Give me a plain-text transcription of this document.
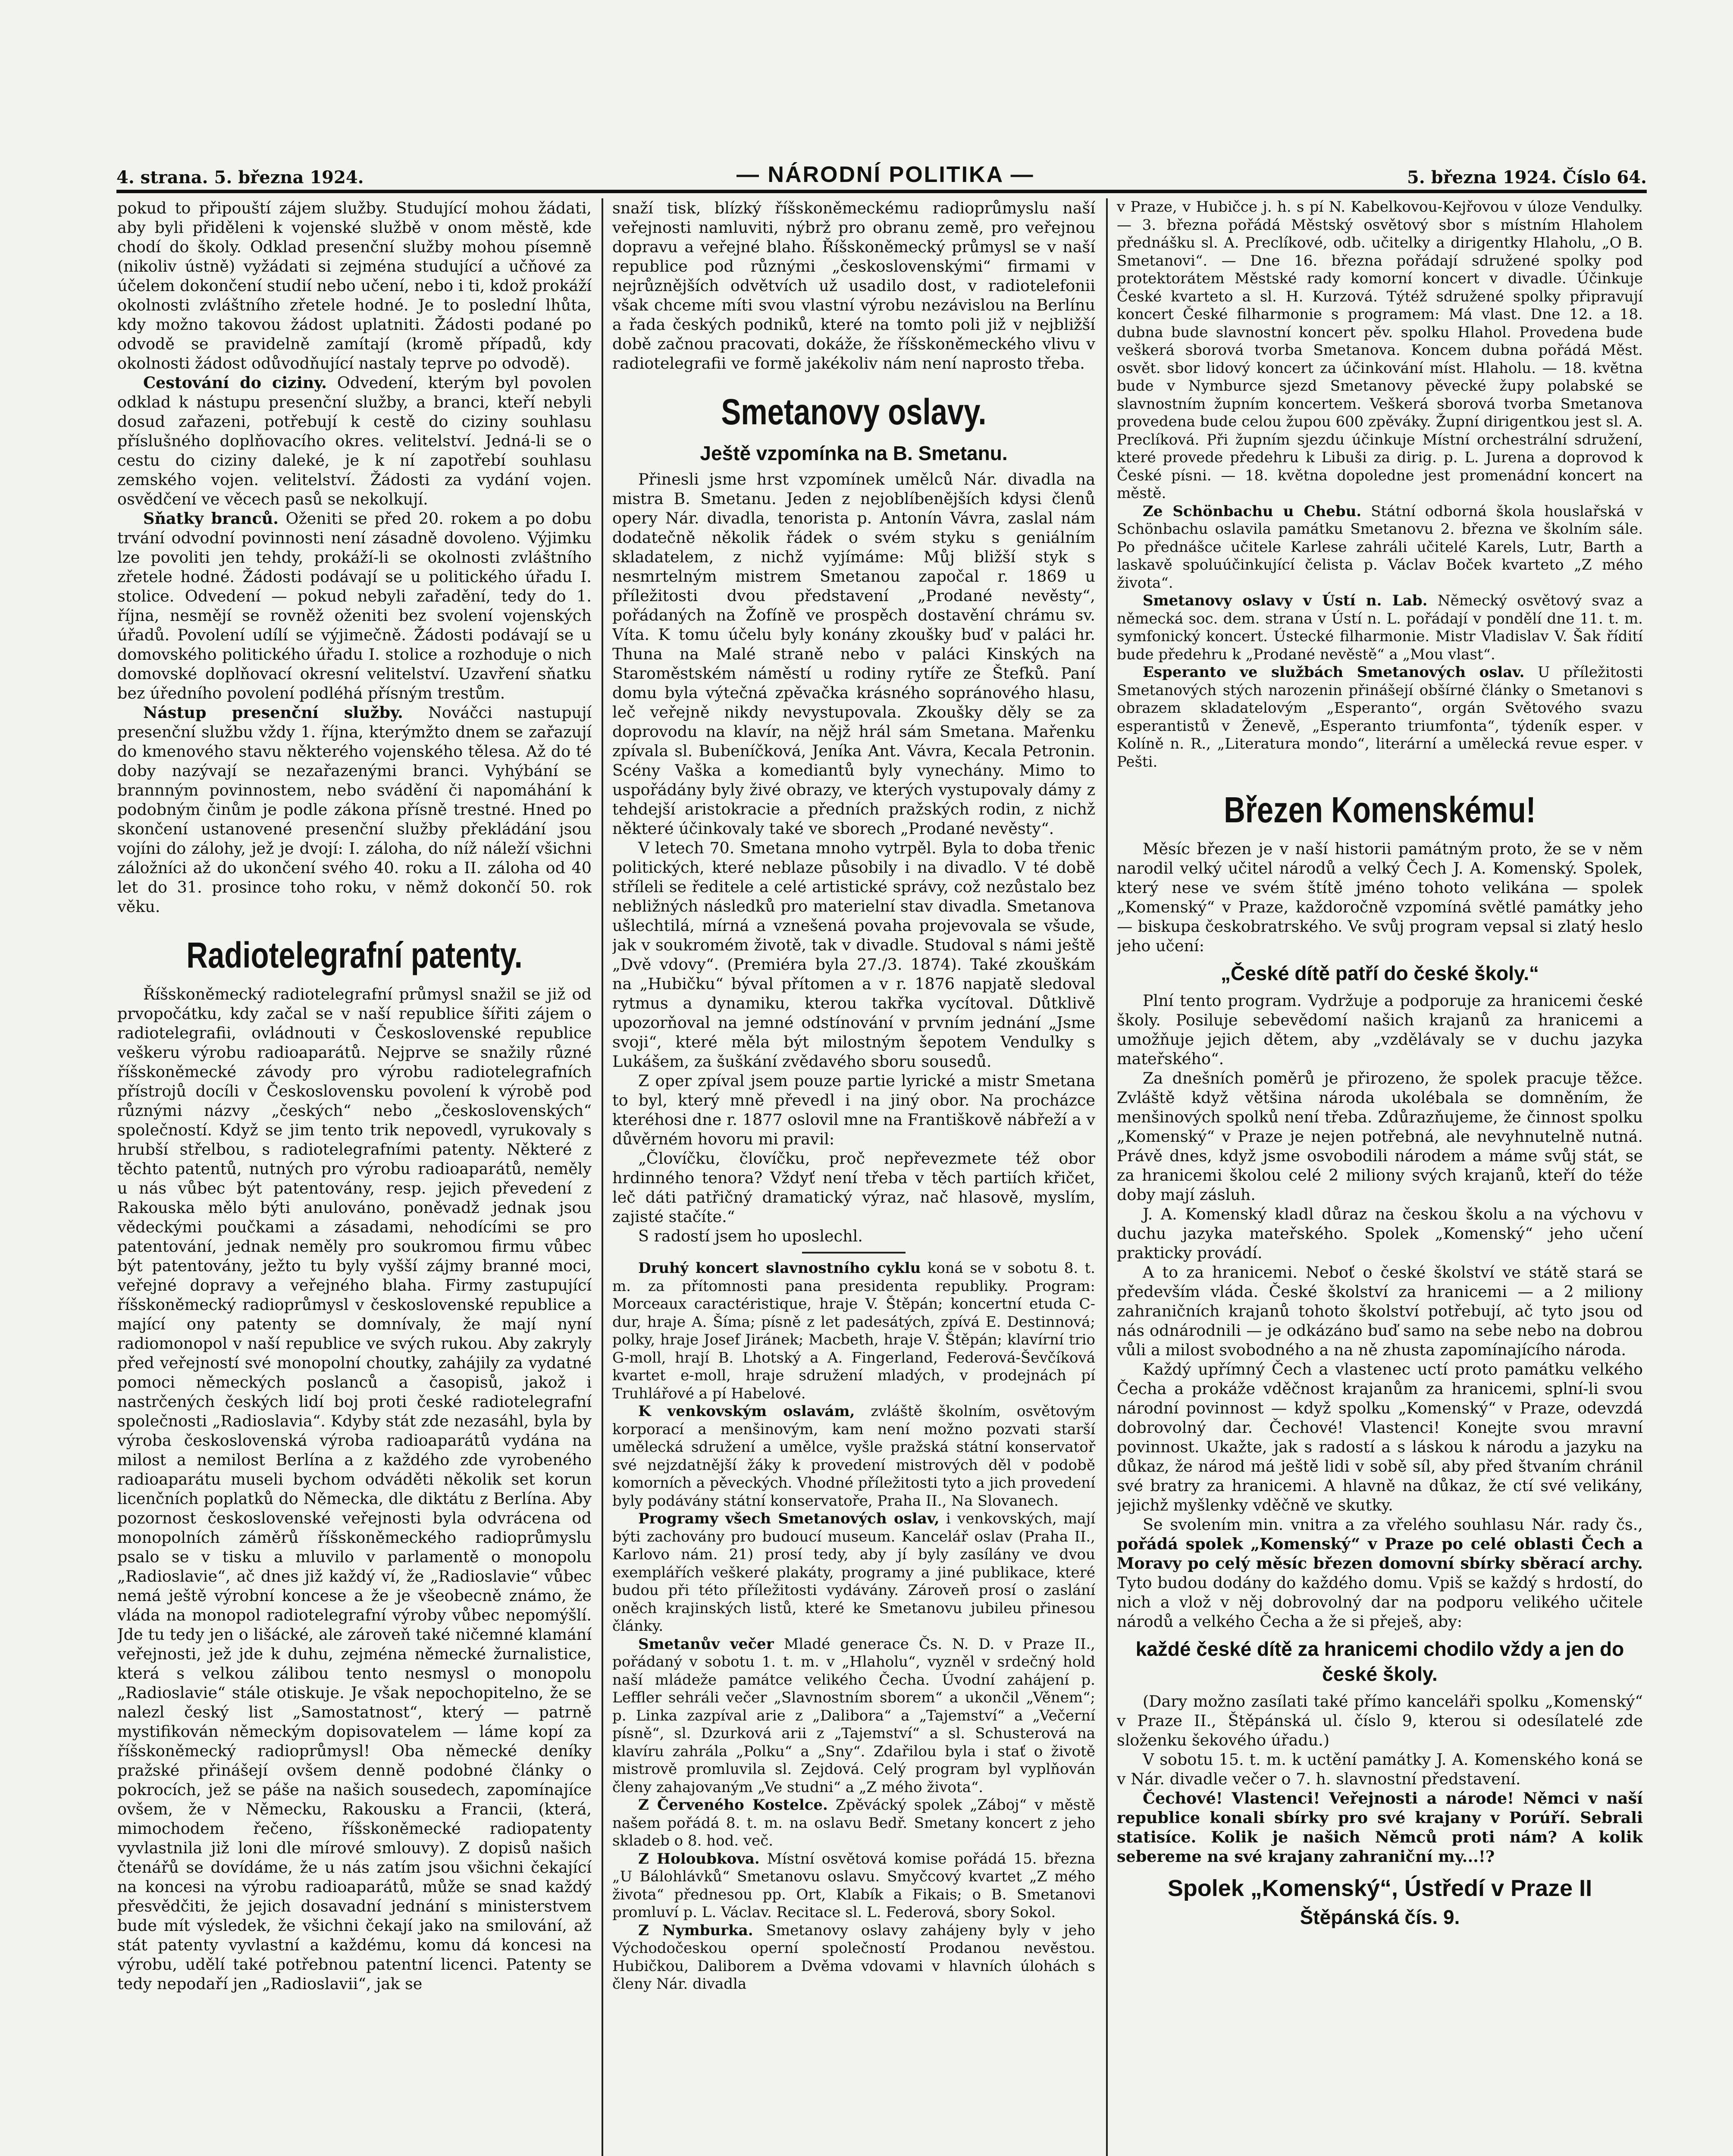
4. strana. 5. března 1924.	— NÁRODNÍ POLITIKA —	5. března 1924. Číslo 64.

pokud to připouští zájem služby. Studující mohou žádati, aby byli přiděleni k vojenské službě v onom městě, kde chodí do školy. Odklad presenční služby mohou písemně (nikoliv ústně) vyžádati si zejména studující a učňové za účelem dokončení studií nebo učení, nebo i ti, kdož prokáží okolnosti zvláštního zřetele hodné. Je to poslední lhůta, kdy možno takovou žádost uplatniti. Žádosti podané po odvodě se pravidelně zamítají (kromě případů, kdy okolnosti žádost odůvodňující nastaly teprve po odvodě).

Cestování do ciziny. Odvedení, kterým byl povolen odklad k nástupu presenční služby, a branci, kteří nebyli dosud zařazeni, potřebují k cestě do ciziny souhlasu příslušného doplňovacího okres. velitelství. Jedná-li se o cestu do ciziny daleké, je k ní zapotřebí souhlasu zemského vojen. velitelství. Žádosti za vydání vojen. osvědčení ve věcech pasů se nekolkují.

Sňatky branců. Oženiti se před 20. rokem a po dobu trvání odvodní povinnosti není zásadně dovoleno. Výjimku lze povoliti jen tehdy, prokáží-li se okolnosti zvláštního zřetele hodné. Žádosti podávají se u politického úřadu I. stolice. Odvedení — pokud nebyli zařadění, tedy do 1. října, nesmějí se rovněž oženiti bez svolení vojenských úřadů. Povolení udílí se výjimečně. Žádosti podávají se u domovského politického úřadu I. stolice a rozhoduje o nich domovské doplňovací okresní velitelství. Uzavření sňatku bez úředního povolení podléhá přísným trestům.

Nástup presenční služby. Nováčci nastupují presenční službu vždy 1. října, kterýmžto dnem se zařazují do kmenového stavu některého vojenského tělesa. Až do té doby nazývají se nezařazenými branci. Vyhýbání se brannným povinnostem, nebo svádění či napomáhání k podobným činům je podle zákona přísně trestné. Hned po skončení ustanovené presenční služby překládání jsou vojíni do zálohy, jež je dvojí: I. záloha, do níž náleží všichni záložníci až do ukončení svého 40. roku a II. záloha od 40 let do 31. prosince toho roku, v němž dokončí 50. rok věku.

Radiotelegrafní patenty.

Říšskoněmecký radiotelegrafní průmysl snažil se již od prvopočátku, kdy začal se v naší republice šířiti zájem o radiotelegrafii, ovládnouti v Československé republice veškeru výrobu radioaparátů. Nejprve se snažily různé říšskoněmecké závody pro výrobu radiotelegrafních přístrojů docíli v Československu povolení k výrobě pod různými názvy „českých“ nebo „československých“ společností. Když se jim tento trik nepovedl, vyrukovaly s hrubší střelbou, s radiotelegrafními patenty. Některé z těchto patentů, nutných pro výrobu radioaparátů, neměly u nás vůbec být patentovány, resp. jejich převedení z Rakouska mělo býti anulováno, poněvadž jednak jsou vědeckými poučkami a zásadami, nehodícími se pro patentování, jednak neměly pro soukromou firmu vůbec být patentovány, ježto tu byly vyšší zájmy branné moci, veřejné dopravy a veřejného blaha. Firmy zastupující říšskoněmecký radioprůmysl v československé republice a mající ony patenty se domnívaly, že mají nyní radiomonopol v naší republice ve svých rukou. Aby zakryly před veřejností své monopolní choutky, zahájily za vydatné pomoci německých poslanců a časopisů, jakož i nastrčených českých lidí boj proti české radiotelegrafní společnosti „Radioslavia“. Kdyby stát zde nezasáhl, byla by výroba československá výroba radioaparátů vydána na milost a nemilost Berlína a z každého zde vyrobeného radioaparátu museli bychom odváděti několik set korun licenčních poplatků do Německa, dle diktátu z Berlína. Aby pozornost československé veřejnosti byla odvrácena od monopolních záměrů říšskoněmeckého radioprůmyslu psalo se v tisku a mluvilo v parlamentě o monopolu „Radioslavie“, ač dnes již každý ví, že „Radioslavie“ vůbec nemá ještě výrobní koncese a že je všeobecně známo, že vláda na monopol radiotelegrafní výroby vůbec nepomýšlí. Jde tu tedy jen o lišácké, ale zároveň také ničemné klamání veřejnosti, jež jde k duhu, zejména německé žurnalistice, která s velkou zálibou tento nesmysl o monopolu „Radioslavie“ stále otiskuje. Je však nepochopitelno, že se nalezl český list „Samostatnost“, který — patrně mystifikován německým dopisovatelem — láme kopí za říšskoněmecký radioprůmysl! Oba německé deníky pražské přinášejí ovšem denně podobné články o pokrocích, jež se páše na našich sousedech, zapomínajíce ovšem, že v Německu, Rakousku a Francii, (která, mimochodem řečeno, říšskoněmecké radiopatenty vyvlastnila již loni dle mírové smlouvy). Z dopisů našich čtenářů se dovídáme, že u nás zatím jsou všichni čekající na koncesi na výrobu radioaparátů, může se snad každý přesvědčiti, že jejich dosavadní jednání s ministerstvem bude mít výsledek, že všichni čekají jako na smilování, až stát patenty vyvlastní a každému, komu dá koncesi na výrobu, udělí také potřebnou patentní licenci. Patenty se tedy nepodaří jen „Radioslavii“, jak se

snaží tisk, blízký říšskoněmeckému radioprůmyslu naší veřejnosti namluviti, nýbrž pro obranu země, pro veřejnou dopravu a veřejné blaho. Říšskoněmecký průmysl se v naší republice pod různými „československými“ firmami v nejrůznějších odvětvích už usadilo dost, v radiotelefonii však chceme míti svou vlastní výrobu nezávislou na Berlínu a řada českých podniků, které na tomto poli již v nejbližší době začnou pracovati, dokáže, že říšskoněmeckého vlivu v radiotelegrafii ve formě jakékoliv nám není naprosto třeba.

Smetanovy oslavy.
Ještě vzpomínka na B. Smetanu.

Přinesli jsme hrst vzpomínek umělců Nár. divadla na mistra B. Smetanu. Jeden z nejoblíbenějších kdysi členů opery Nár. divadla, tenorista p. Antonín Vávra, zaslal nám dodatečně několik řádek o svém styku s geniálním skladatelem, z nichž vyjímáme: Můj bližší styk s nesmrtelným mistrem Smetanou započal r. 1869 u příležitosti dvou představení „Prodané nevěsty“, pořádaných na Žofíně ve prospěch dostavění chrámu sv. Víta. K tomu účelu byly konány zkoušky buď v paláci hr. Thuna na Malé straně nebo v paláci Kinských na Staroměstském náměstí u rodiny rytíře ze Štefků. Paní domu byla výtečná zpěvačka krásného sopránového hlasu, leč veřejně nikdy nevystupovala. Zkoušky děly se za doprovodu na klavír, na nějž hrál sám Smetana. Mařenku zpívala sl. Bubeníčková, Jeníka Ant. Vávra, Kecala Petronin. Scény Vaška a komediantů byly vynechány. Mimo to uspořádány byly živé obrazy, ve kterých vystupovaly dámy z tehdejší aristokracie a předních pražských rodin, z nichž některé účinkovaly také ve sborech „Prodané nevěsty“.

V letech 70. Smetana mnoho vytrpěl. Byla to doba třenic politických, které neblaze působily i na divadlo. V té době stříleli se ředitele a celé artistické správy, což nezůstalo bez nebližných následků pro materielní stav divadla. Smetanova ušlechtilá, mírná a vznešená povaha projevovala se všude, jak v soukromém životě, tak v divadle. Studoval s námi ještě „Dvě vdovy“. (Premiéra byla 27./3. 1874). Také zkouškám na „Hubičku“ býval přítomen a v r. 1876 napjatě sledoval rytmus a dynamiku, kterou takřka vycítoval. Důtklivě upozorňoval na jemné odstínování v prvním jednání „Jsme svoji“, které měla být milostným šepotem Vendulky s Lukášem, za šuškání zvědavého sboru sousedů.

Z oper zpíval jsem pouze partie lyrické a mistr Smetana to byl, který mně převedl i na jiný obor. Na procházce kteréhosi dne r. 1877 oslovil mne na Františkově nábřeží a v důvěrném hovoru mi pravil:

„Človíčku, človíčku, proč nepřevezmete též obor hrdinného tenora? Vždyť není třeba v těch partiích křičet, leč dáti patřičný dramatický výraz, nač hlasově, myslím, zajisté stačíte.“

S radostí jsem ho uposlechl.

Druhý koncert slavnostního cyklu koná se v sobotu 8. t. m. za přítomnosti pana presidenta republiky. Program: Morceaux caractéristique, hraje V. Štěpán; koncertní etuda C-dur, hraje A. Šíma; písně z let padesátých, zpívá E. Destinnová; polky, hraje Josef Jiránek; Macbeth, hraje V. Štěpán; klavírní trio G-moll, hrají B. Lhotský a A. Fingerland, Federová-Ševčíková kvartet e-moll, hraje sdružení mladých, v prodejnách pí Truhlářové a pí Habelové.

K venkovským oslavám, zvláště školním, osvětovým korporací a menšinovým, kam není možno pozvati starší umělecká sdružení a umělce, vyšle pražská státní konservatoř své nejzdatnější žáky k provedení mistrových děl v podobě komorních a pěveckých. Vhodné příležitosti tyto a jich provedení byly podávány státní konservatoře, Praha II., Na Slovanech.

Programy všech Smetanových oslav, i venkovských, mají býti zachovány pro budoucí museum. Kancelář oslav (Praha II., Karlovo nám. 21) prosí tedy, aby jí byly zasílány ve dvou exemplářích veškeré plakáty, programy a jiné publikace, které budou při této příležitosti vydávány. Zároveň prosí o zaslání oněch krajinských listů, které ke Smetanovu jubileu přinesou články.

Smetanův večer Mladé generace Čs. N. D. v Praze II., pořádaný v sobotu 1. t. m. v „Hlaholu“, vyzněl v srdečný hold naší mládeže památce velikého Čecha. Úvodní zahájení p. Leffler sehráli večer „Slavnostním sborem“ a ukončil „Věnem“; p. Linka zazpíval arie z „Dalibora“ a „Tajemství“ a „Večerní písně“, sl. Dzurková arii z „Tajemství“ a sl. Schusterová na klavíru zahrála „Polku“ a „Sny“. Zdařilou byla i stať o životě mistrově promluvila sl. Zejdová. Celý program byl vyplňován členy zahajovaným „Ve studni“ a „Z mého života“.

Z Červeného Kostelce. Zpěvácký spolek „Záboj“ v městě našem pořádá 8. t. m. na oslavu Bedř. Smetany koncert z jeho skladeb o 8. hod. več.

Z Holoubkova. Místní osvětová komise pořádá 15. března „U Bálohlávků“ Smetanovu oslavu. Smyčcový kvartet „Z mého života“ přednesou pp. Ort, Klabík a Fikais; o B. Smetanovi promluví p. L. Václav. Recitace sl. L. Federová, sbory Sokol.

Z Nymburka. Smetanovy oslavy zahájeny byly v jeho Východočeskou operní společností Prodanou nevěstou. Hubičkou, Daliborem a Dvěma vdovami v hlavních úlohách s členy Nár. divadla

v Praze, v Hubičce j. h. s pí N. Kabelkovou-Kejřovou v úloze Vendulky. — 3. března pořádá Městský osvětový sbor s místním Hlaholem přednášku sl. A. Preclíkové, odb. učitelky a dirigentky Hlaholu, „O B. Smetanovi“. — Dne 16. března pořádají sdružené spolky pod protektorátem Městské rady komorní koncert v divadle. Účinkuje České kvarteto a sl. H. Kurzová. Týtéž sdružené spolky připravují koncert České filharmonie s programem: Má vlast. Dne 12. a 18. dubna bude slavnostní koncert pěv. spolku Hlahol. Provedena bude veškerá sborová tvorba Smetanova. Koncem dubna pořádá Měst. osvět. sbor lidový koncert za účinkování míst. Hlaholu. — 18. května bude v Nymburce sjezd Smetanovy pěvecké župy polabské se slavnostním župním koncertem. Veškerá sborová tvorba Smetanova provedena bude celou župou 600 zpěváky. Župní dirigentkou jest sl. A. Preclíková. Při župním sjezdu účinkuje Místní orchestrální sdružení, které provede předehru k Libuši za dirig. p. L. Jurena a doprovod k České písni. — 18. května dopoledne jest promenádní koncert na městě.

Ze Schönbachu u Chebu. Státní odborná škola houslařská v Schönbachu oslavila památku Smetanovu 2. března ve školním sále. Po přednášce učitele Karlese zahráli učitelé Karels, Lutr, Barth a laskavě spoluúčinkující čelista p. Václav Boček kvarteto „Z mého života“.

Smetanovy oslavy v Ústí n. Lab. Německý osvětový svaz a německá soc. dem. strana v Ústí n. L. pořádají v pondělí dne 11. t. m. symfonický koncert. Ústecké filharmonie. Mistr Vladislav V. Šak řídití bude předehru k „Prodané nevěstě“ a „Mou vlast“.

Esperanto ve službách Smetanových oslav. U příležitosti Smetanových stých narozenin přinášejí obšírné články o Smetanovi s obrazem skladatelovým „Esperanto“, orgán Světového svazu esperantistů v Ženevě, „Esperanto triumfonta“, týdeník esper. v Kolíně n. R., „Literatura mondo“, literární a umělecká revue esper. v Pešti.

Březen Komenskému!

Měsíc březen je v naší historii památným proto, že se v něm narodil velký učitel národů a velký Čech J. A. Komenský. Spolek, který nese ve svém štítě jméno tohoto velikána — spolek „Komenský“ v Praze, každoročně vzpomíná světlé památky jeho — biskupa českobratrského. Ve svůj program vepsal si zlatý heslo jeho učení:

„České dítě patří do české školy.“

Plní tento program. Vydržuje a podporuje za hranicemi české školy. Posiluje sebevědomí našich krajanů za hranicemi a umožňuje jejich dětem, aby „vzdělávaly se v duchu jazyka mateřského“.

Za dnešních poměrů je přirozeno, že spolek pracuje těžce. Zvláště když většina národa ukolébala se domněním, že menšinových spolků není třeba. Zdůrazňujeme, že činnost spolku „Komenský“ v Praze je nejen potřebná, ale nevyhnutelně nutná. Právě dnes, když jsme osvobodili národem a máme svůj stát, se za hranicemi školou celé 2 miliony svých krajanů, kteří do téže doby mají zásluh.

J. A. Komenský kladl důraz na českou školu a na výchovu v duchu jazyka mateřského. Spolek „Komenský“ jeho učení prakticky provádí.

A to za hranicemi. Neboť o české školství ve státě stará se především vláda. České školství za hranicemi — a 2 miliony zahraničních krajanů tohoto školství potřebují, ač tyto jsou od nás odnárodnili — je odkázáno buď samo na sebe nebo na dobrou vůli a milost svobodného a na ně zhusta zapomínajícího národa.

Každý upřímný Čech a vlastenec uctí proto památku velkého Čecha a prokáže vděčnost krajanům za hranicemi, splní-li svou národní povinnost — když spolku „Komenský“ v Praze, odevzdá dobrovolný dar. Čechové! Vlastenci! Konejte svou mravní povinnost. Ukažte, jak s radostí a s láskou k národu a jazyku na důkaz, že národ má ještě lidi v sobě síl, aby před štvaním chránil své bratry za hranicemi. A hlavně na důkaz, že ctí své velikány, jejichž myšlenky vděčně ve skutky.

Se svolením min. vnitra a za vřelého souhlasu Nár. rady čs., pořádá spolek „Komenský“ v Praze po celé oblasti Čech a Moravy po celý měsíc březen domovní sbírky sběrací archy. Tyto budou dodány do každého domu. Vpiš se každý s hrdostí, do nich a vlož v něj dobrovolný dar na podporu velikého učitele národů a velkého Čecha a že si přeješ, aby:

každé české dítě za hranicemi chodilo vždy a jen do české školy.

(Dary možno zasílati také přímo kanceláři spolku „Komenský“ v Praze II., Štěpánská ul. číslo 9, kterou si odesílatelé zde složenku šekového úřadu.)

V sobotu 15. t. m. k uctění památky J. A. Komenského koná se v Nár. divadle večer o 7. h. slavnostní představení.

Čechové! Vlastenci! Veřejnosti a národe! Němci v naší republice konali sbírky pro své krajany v Porúří. Sebrali statisíce. Kolik je našich Němců proti nám? A kolik sebereme na své krajany zahraniční my...!?

Spolek „Komenský“, Ústředí v Praze II
Štěpánská čís. 9.
